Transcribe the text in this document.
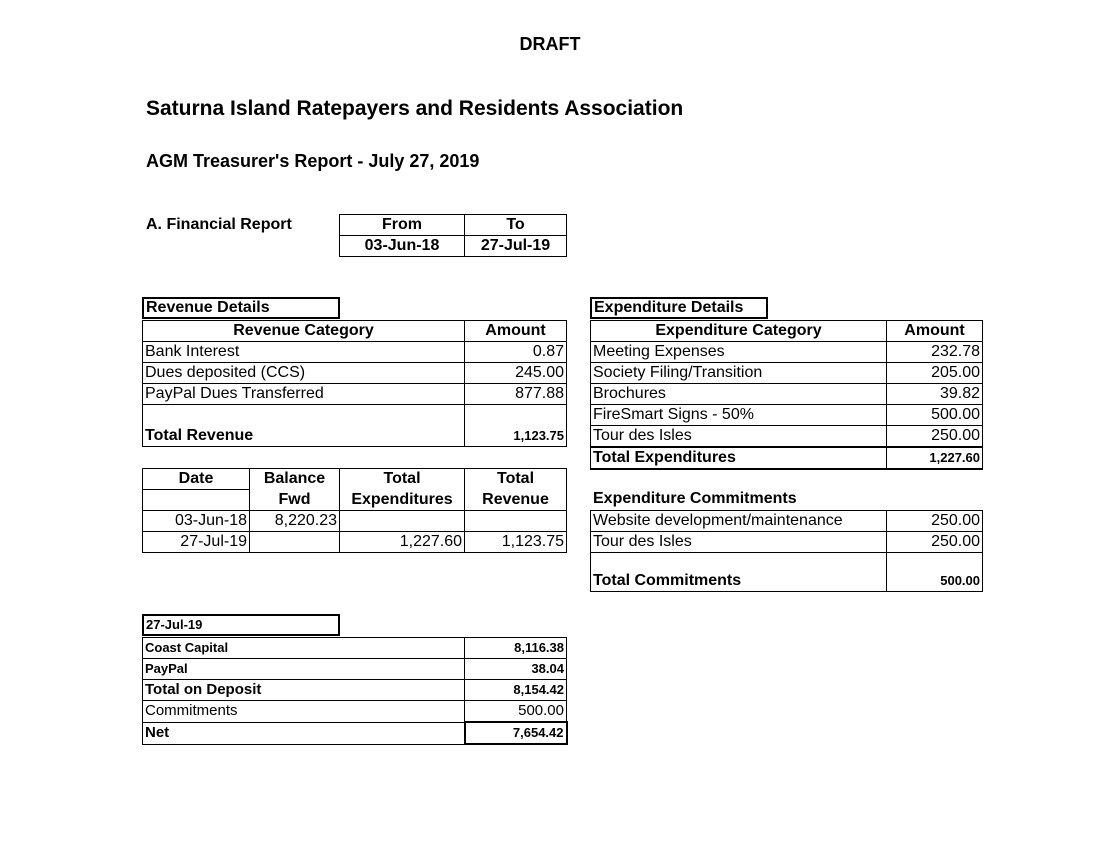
DRAFT
Saturna Island Ratepayers and Residents Association
AGM Treasurer's Report - July 27, 2019
A. Financial Report	From	To
03-Jun-18	27-Jul-19
Revenue Details
Revenue Category	Amount
Bank Interest	0.87
Dues deposited (CCS)	245.00
PayPal Dues Transferred	877.88
Total Revenue	1,123.75
Date	Balance	Total	Total
	Fwd	Expenditures	Revenue
03-Jun-18	8,220.23		
27-Jul-19		1,227.60	1,123.75
27-Jul-19
Coast Capital	8,116.38
PayPal	38.04
Total on Deposit	8,154.42
Commitments	500.00
Net	7,654.42
Expenditure Details
Expenditure Category	Amount
Meeting Expenses	232.78
Society Filing/Transition	205.00
Brochures	39.82
FireSmart Signs - 50%	500.00
Tour des Isles	250.00
Total Expenditures	1,227.60
Expenditure Commitments
Website development/maintenance	250.00
Tour des Isles	250.00
Total Commitments	500.00
